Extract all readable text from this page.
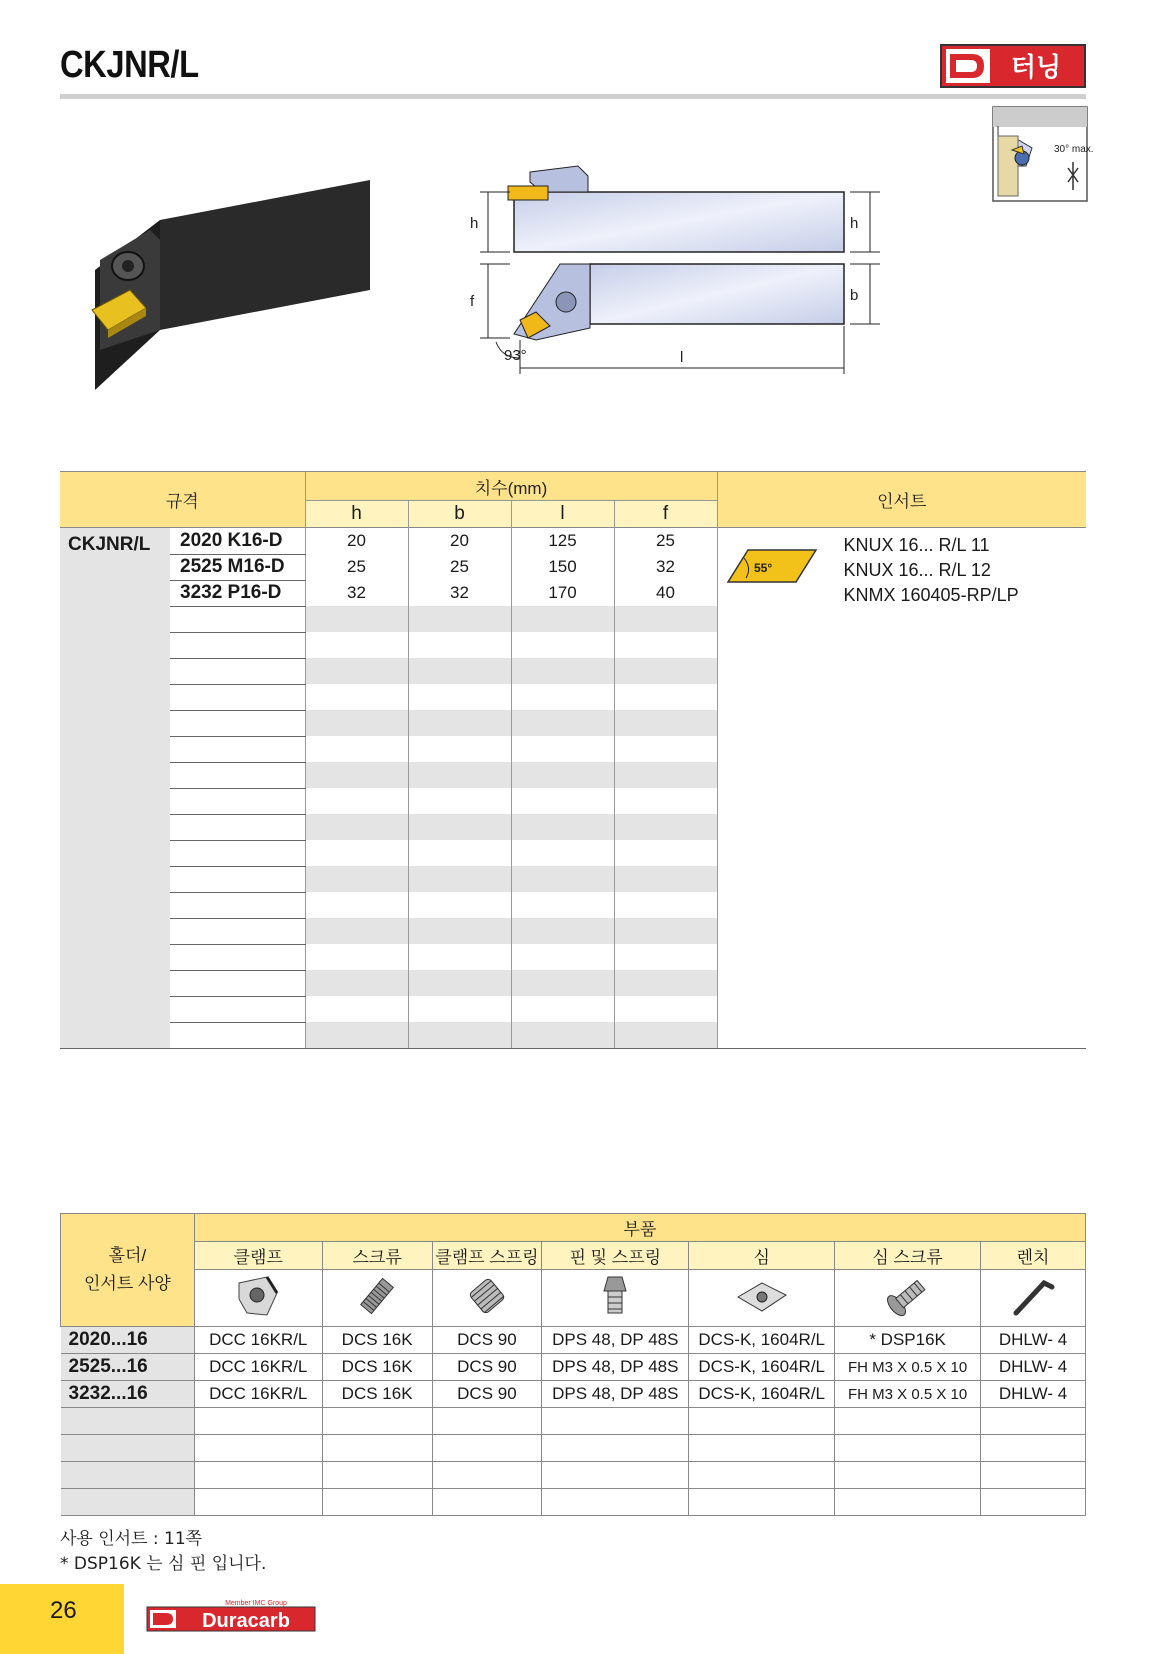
CKJNR/L	터닝
30° max.
h	h
f	b
l
93°
규격		치수(mm)				인서트
		h	b	l	f	
CKJNR/L	2020 K16-D	20	20	125	25	55°
KNUX 16... R/L 11
KNUX 16... R/L 12
KNMX 160405-RP/LP

	2525 M16-D	25	25	150	32	
	3232 P16-D	32	32	170	40	

홀더/
인서트 사양	부품						
	클램프	스크류	클램프 스프링	핀 및 스프링	심	심 스크류	렌치

2020...16	DCC 16KR/L	DCS 16K	DCS 90	DPS 48, DP 48S	DCS-K, 1604R/L	* DSP16K	DHLW- 4
2525...16	DCC 16KR/L	DCS 16K	DCS 90	DPS 48, DP 48S	DCS-K, 1604R/L	FH M3 X 0.5 X 10	DHLW- 4
3232...16	DCC 16KR/L	DCS 16K	DCS 90	DPS 48, DP 48S	DCS-K, 1604R/L	FH M3 X 0.5 X 10	DHLW- 4

사용 인서트 : 11쪽
* DSP16K 는 심 핀 입니다.
26	Duracarb
Member IMC Group
